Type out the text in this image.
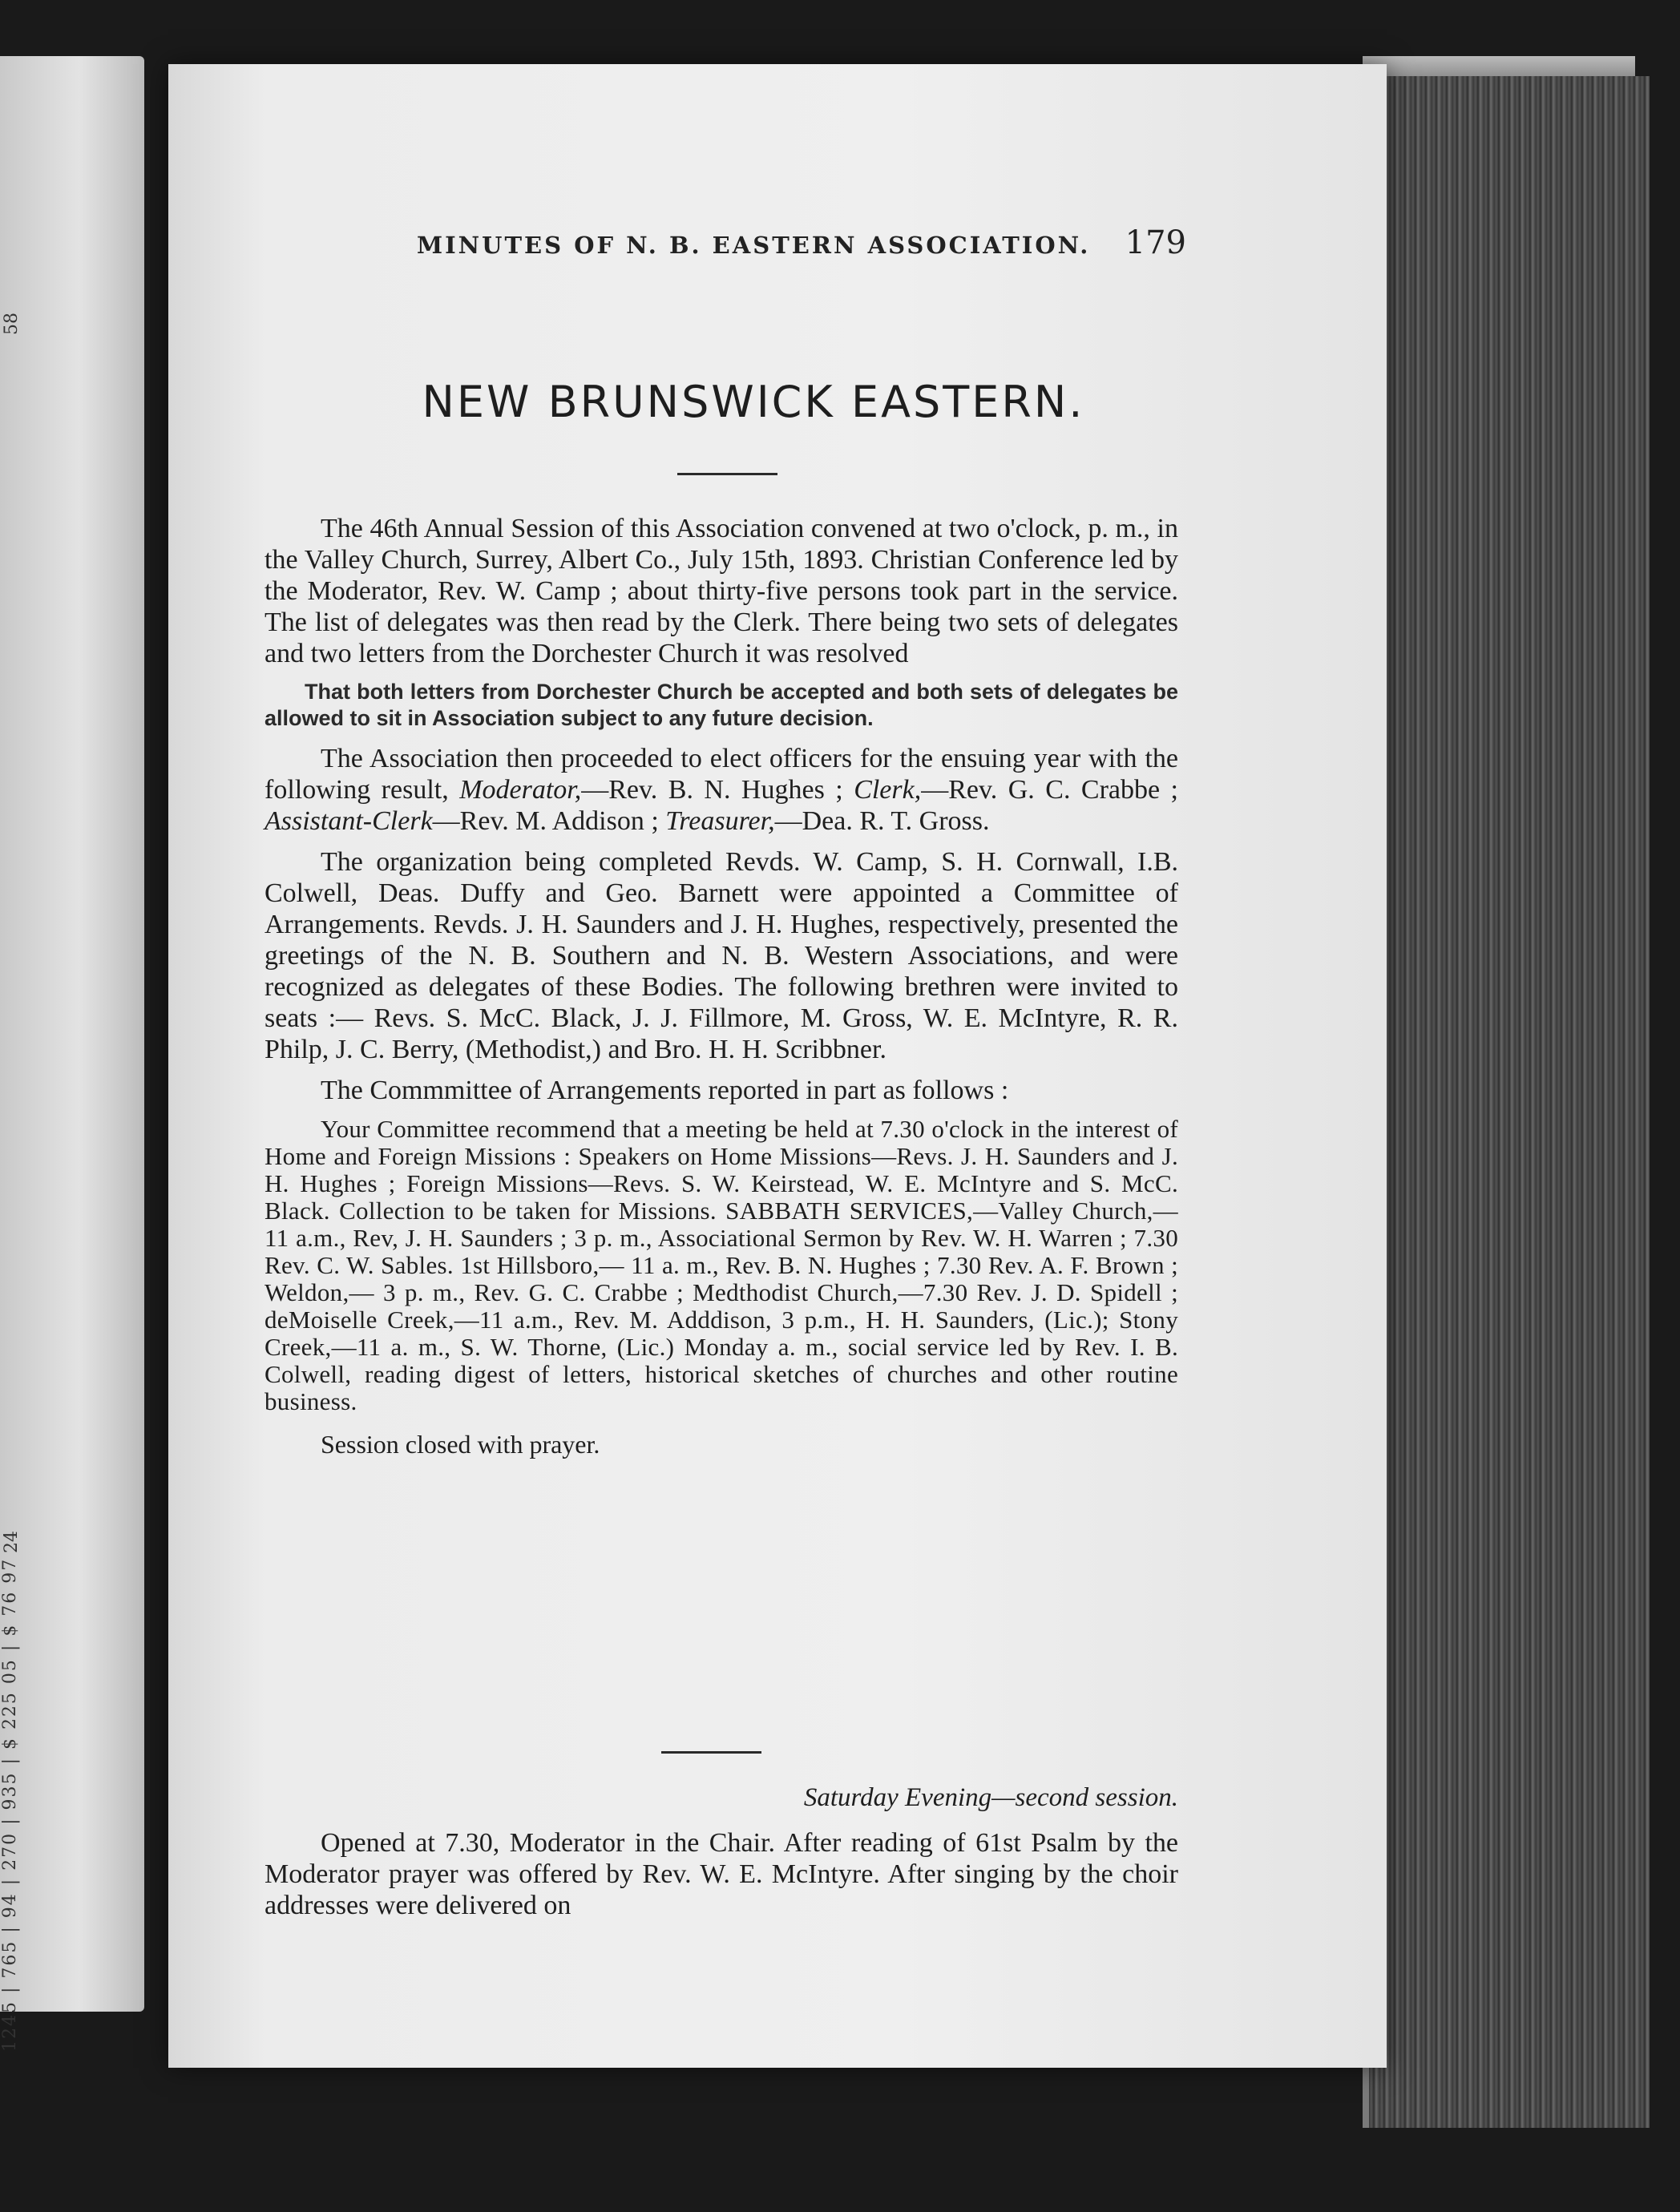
58
1245 | 765 | 94 | 270 | 935 | $ 225 05 | $ 76 97
24
MINUTES OF N. B. EASTERN ASSOCIATION. 179
NEW BRUNSWICK EASTERN.

The 46th Annual Session of this Association convened at two o'clock, p. m., in the Valley Church, Surrey, Albert Co., July 15th, 1893. Christian Conference led by the Moderator, Rev. W. Camp ; about thirty-five persons took part in the service. The list of delegates was then read by the Clerk. There being two sets of delegates and two letters from the Dorchester Church it was resolved

That both letters from Dorchester Church be accepted and both sets of delegates be allowed to sit in Association subject to any future decision.

The Association then proceeded to elect officers for the ensuing year with the following result, Moderator,—Rev. B. N. Hughes ; Clerk,—Rev. G. C. Crabbe ; Assistant-Clerk—Rev. M. Addison ; Treasurer,—Dea. R. T. Gross.

The organization being completed Revds. W. Camp, S. H. Cornwall, I.B. Colwell, Deas. Duffy and Geo. Barnett were appointed a Committee of Arrangements. Revds. J. H. Saunders and J. H. Hughes, respectively, presented the greetings of the N. B. Southern and N. B. Western Associations, and were recognized as delegates of these Bodies. The following brethren were invited to seats :— Revs. S. McC. Black, J. J. Fillmore, M. Gross, W. E. McIntyre, R. R. Philp, J. C. Berry, (Methodist,) and Bro. H. H. Scribbner.

The Commmittee of Arrangements reported in part as follows :

Your Committee recommend that a meeting be held at 7.30 o'clock in the interest of Home and Foreign Missions : Speakers on Home Missions—Revs. J. H. Saunders and J. H. Hughes ; Foreign Missions—Revs. S. W. Keirstead, W. E. McIntyre and S. McC. Black. Collection to be taken for Missions. SABBATH SERVICES,—Valley Church,—11 a.m., Rev, J. H. Saunders ; 3 p. m., Associational Sermon by Rev. W. H. Warren ; 7.30 Rev. C. W. Sables. 1st Hillsboro,— 11 a. m., Rev. B. N. Hughes ; 7.30 Rev. A. F. Brown ; Weldon,— 3 p. m., Rev. G. C. Crabbe ; Medthodist Church,—7.30 Rev. J. D. Spidell ; deMoiselle Creek,—11 a.m., Rev. M. Adddison, 3 p.m., H. H. Saunders, (Lic.); Stony Creek,—11 a. m., S. W. Thorne, (Lic.) Monday a. m., social service led by Rev. I. B. Colwell, reading digest of letters, historical sketches of churches and other routine business.

Session closed with prayer.

Saturday Evening—second session.

Opened at 7.30, Moderator in the Chair. After reading of 61st Psalm by the Moderator prayer was offered by Rev. W. E. McIntyre. After singing by the choir addresses were delivered on
